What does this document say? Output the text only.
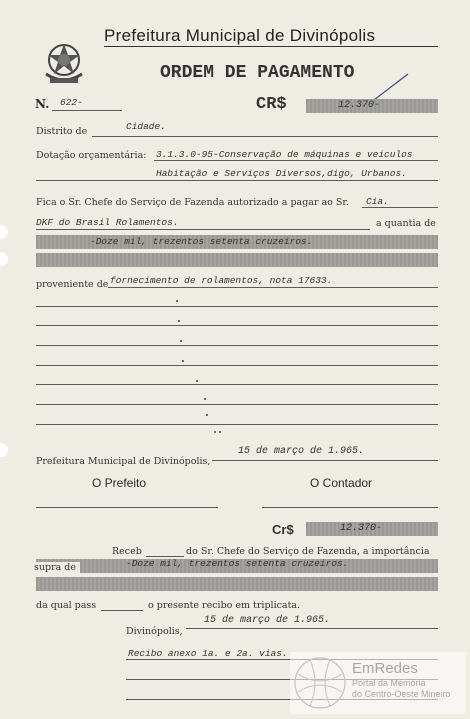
Prefeitura Municipal de Divinópolis
ORDEM DE PAGAMENTO
N. 622-	CR$	12.370-
Distrito de	Cidade.
Dotação orçamentária: 3.1.3.0-95-Conservação de máquinas e veículos
Habitação e Serviços Diversos,digo, Urbanos.
Fica o Sr. Chefe do Serviço de Fazenda autorizado a pagar ao Sr. Cia.
DKF do Brasil Rolamentos.	a quantia de
-Doze mil, trezentos setenta cruzeiros.
proveniente de fornecimento de rolamentos, nota 17633.
Prefeitura Municipal de Divinópolis,
15 de março de 1.965.
O Prefeito	O Contador
Cr$	12.370-
Receb	do Sr. Chefe do Serviço de Fazenda, a importância
supra de	-Doze mil, trezentos setenta cruzeiros.
da qual pass	o presente recibo em triplicata.
Divinópolis,
15 de março de 1.965.
Recibo anexo 1a. e 2a. vias.
EmRedes
Portal da Memória
do Centro-Oeste Mineiro
